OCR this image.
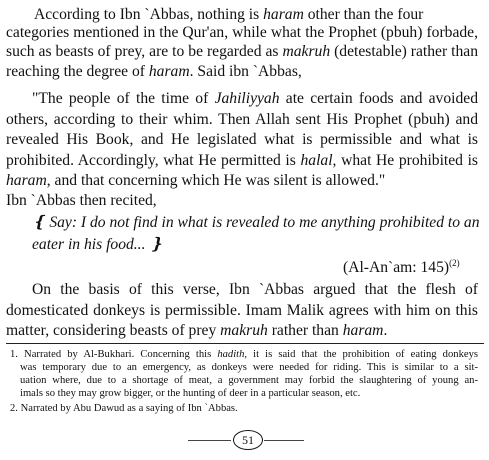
According to Ibn `Abbas, nothing is haram other than the four
categories mentioned in the Qur'an, while what the Prophet (pbuh) forbade,
such as beasts of prey, are to be regarded as makruh (detestable) rather than
reaching the degree of haram. Said ibn `Abbas,
"The people of the time of Jahiliyyah ate certain foods and avoided
others, according to their whim. Then Allah sent His Prophet (pbuh) and
revealed His Book, and He legislated what is permissible and what is
prohibited. Accordingly, what He permitted is halal, what He prohibited is
haram, and that concerning which He was silent is allowed."
Ibn `Abbas then recited,
❴ Say: I do not find in what is revealed to me anything prohibited to an
eater in his food... ❵
(Al-An`am: 145)$^{(2)}$
On the basis of this verse, Ibn `Abbas argued that the flesh of
domesticated donkeys is permissible. Imam Malik agrees with him on this
matter, considering beasts of prey makruh rather than haram.
1. Narrated by Al-Bukhari. Concerning this hadith, it is said that the prohibition of eating donkeys
was temporary due to an emergency, as donkeys were needed for riding. This is similar to a sit-
uation where, due to a shortage of meat, a government may forbid the slaughtering of young an-
imals so they may grow bigger, or the hunting of deer in a particular season, etc.
2. Narrated by Abu Dawud as a saying of Ibn `Abbas.
51
